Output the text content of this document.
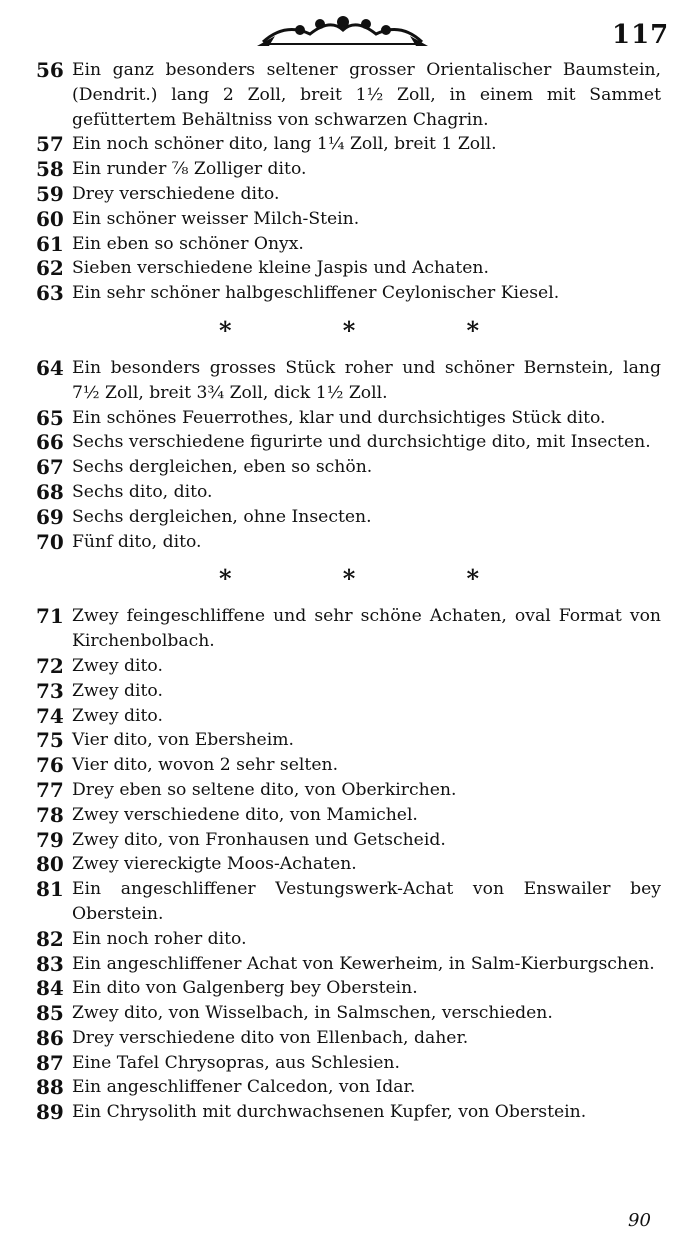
117
56 Ein ganz besonders seltener grosser Orientalischer Baumstein, (Dendrit.) lang 2 Zoll, breit 1½ Zoll, in einem mit Sammet gefüttertem Behältniss von schwarzen Chagrin.
57 Ein noch schöner dito, lang 1¼ Zoll, breit 1 Zoll.
58 Ein runder ⅞ Zolliger dito.
59 Drey verschiedene dito.
60 Ein schöner weisser Milch-Stein.
61 Ein eben so schöner Onyx.
62 Sieben verschiedene kleine Jaspis und Achaten.
63 Ein sehr schöner halbgeschliffener Ceylonischer Kiesel.
*	*	*
64 Ein besonders grosses Stück roher und schöner Bernstein, lang 7½ Zoll, breit 3¾ Zoll, dick 1½ Zoll.
65 Ein schönes Feuerrothes, klar und durchsichtiges Stück dito.
66 Sechs verschiedene figurirte und durchsichtige dito, mit Insecten.
67 Sechs dergleichen, eben so schön.
68 Sechs dito, dito.
69 Sechs dergleichen, ohne Insecten.
70 Fünf dito, dito.
*	*	*
71 Zwey feingeschliffene und sehr schöne Achaten, oval Format von Kirchenbolbach.
72 Zwey dito.
73 Zwey dito.
74 Zwey dito.
75 Vier dito, von Ebersheim.
76 Vier dito, wovon 2 sehr selten.
77 Drey eben so seltene dito, von Oberkirchen.
78 Zwey verschiedene dito, von Mamichel.
79 Zwey dito, von Fronhausen und Getscheid.
80 Zwey viereckigte Moos-Achaten.
81 Ein angeschliffener Vestungswerk-Achat von Enswailer bey Oberstein.
82 Ein noch roher dito.
83 Ein angeschliffener Achat von Kewerheim, in Salm-Kierburgschen.
84 Ein dito von Galgenberg bey Oberstein.
85 Zwey dito, von Wisselbach, in Salmschen, verschieden.
86 Drey verschiedene dito von Ellenbach, daher.
87 Eine Tafel Chrysopras, aus Schlesien.
88 Ein angeschliffener Calcedon, von Idar.
89 Ein Chrysolith mit durchwachsenen Kupfer, von Oberstein.
90
